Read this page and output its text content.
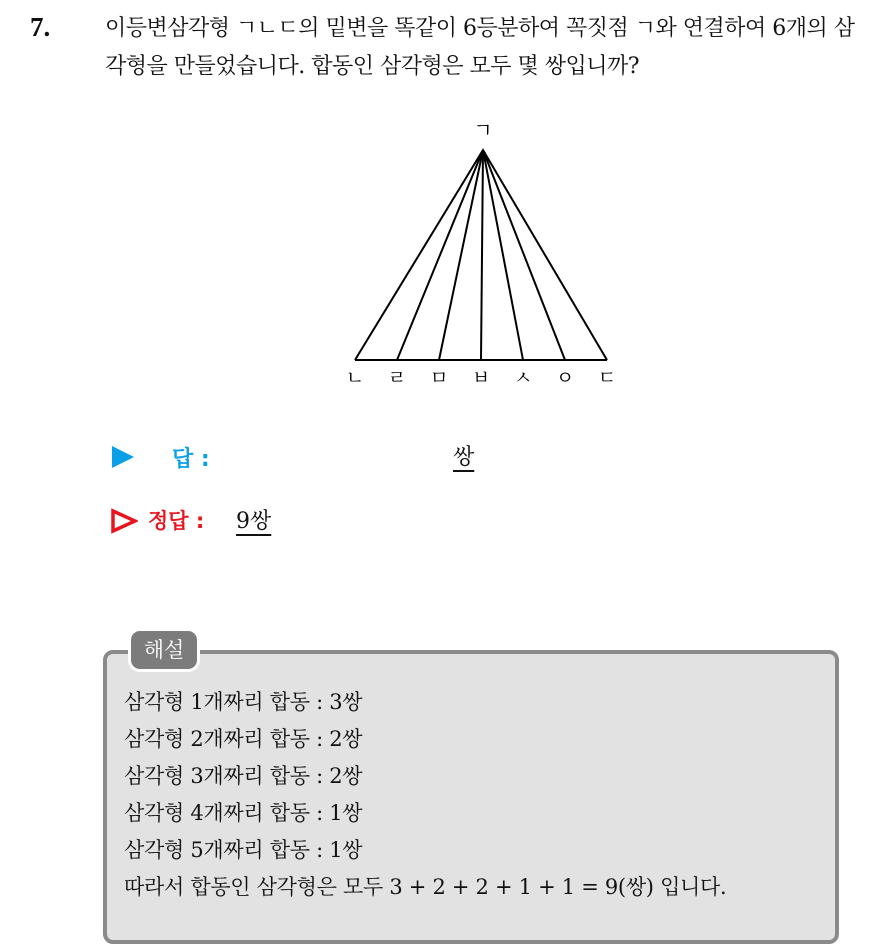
7. 이등변삼각형 ㄱㄴㄷ의 밑변을 똑같이 6등분하여 꼭짓점 ㄱ와 연결하여 6개의 삼각형을 만들었습니다. 합동인 삼각형은 모두 몇 쌍입니까?

ㄱ
ㄴ ㄹ ㅁ ㅂ ㅅ ㅇ ㄷ
답 :	쌍
정답 : 9쌍
해설
삼각형 1개짜리 합동 : 3쌍
삼각형 2개짜리 합동 : 2쌍
삼각형 3개짜리 합동 : 2쌍
삼각형 4개짜리 합동 : 1쌍
삼각형 5개짜리 합동 : 1쌍
따라서 합동인 삼각형은 모두 3 + 2 + 2 + 1 + 1 = 9(쌍) 입니다.
